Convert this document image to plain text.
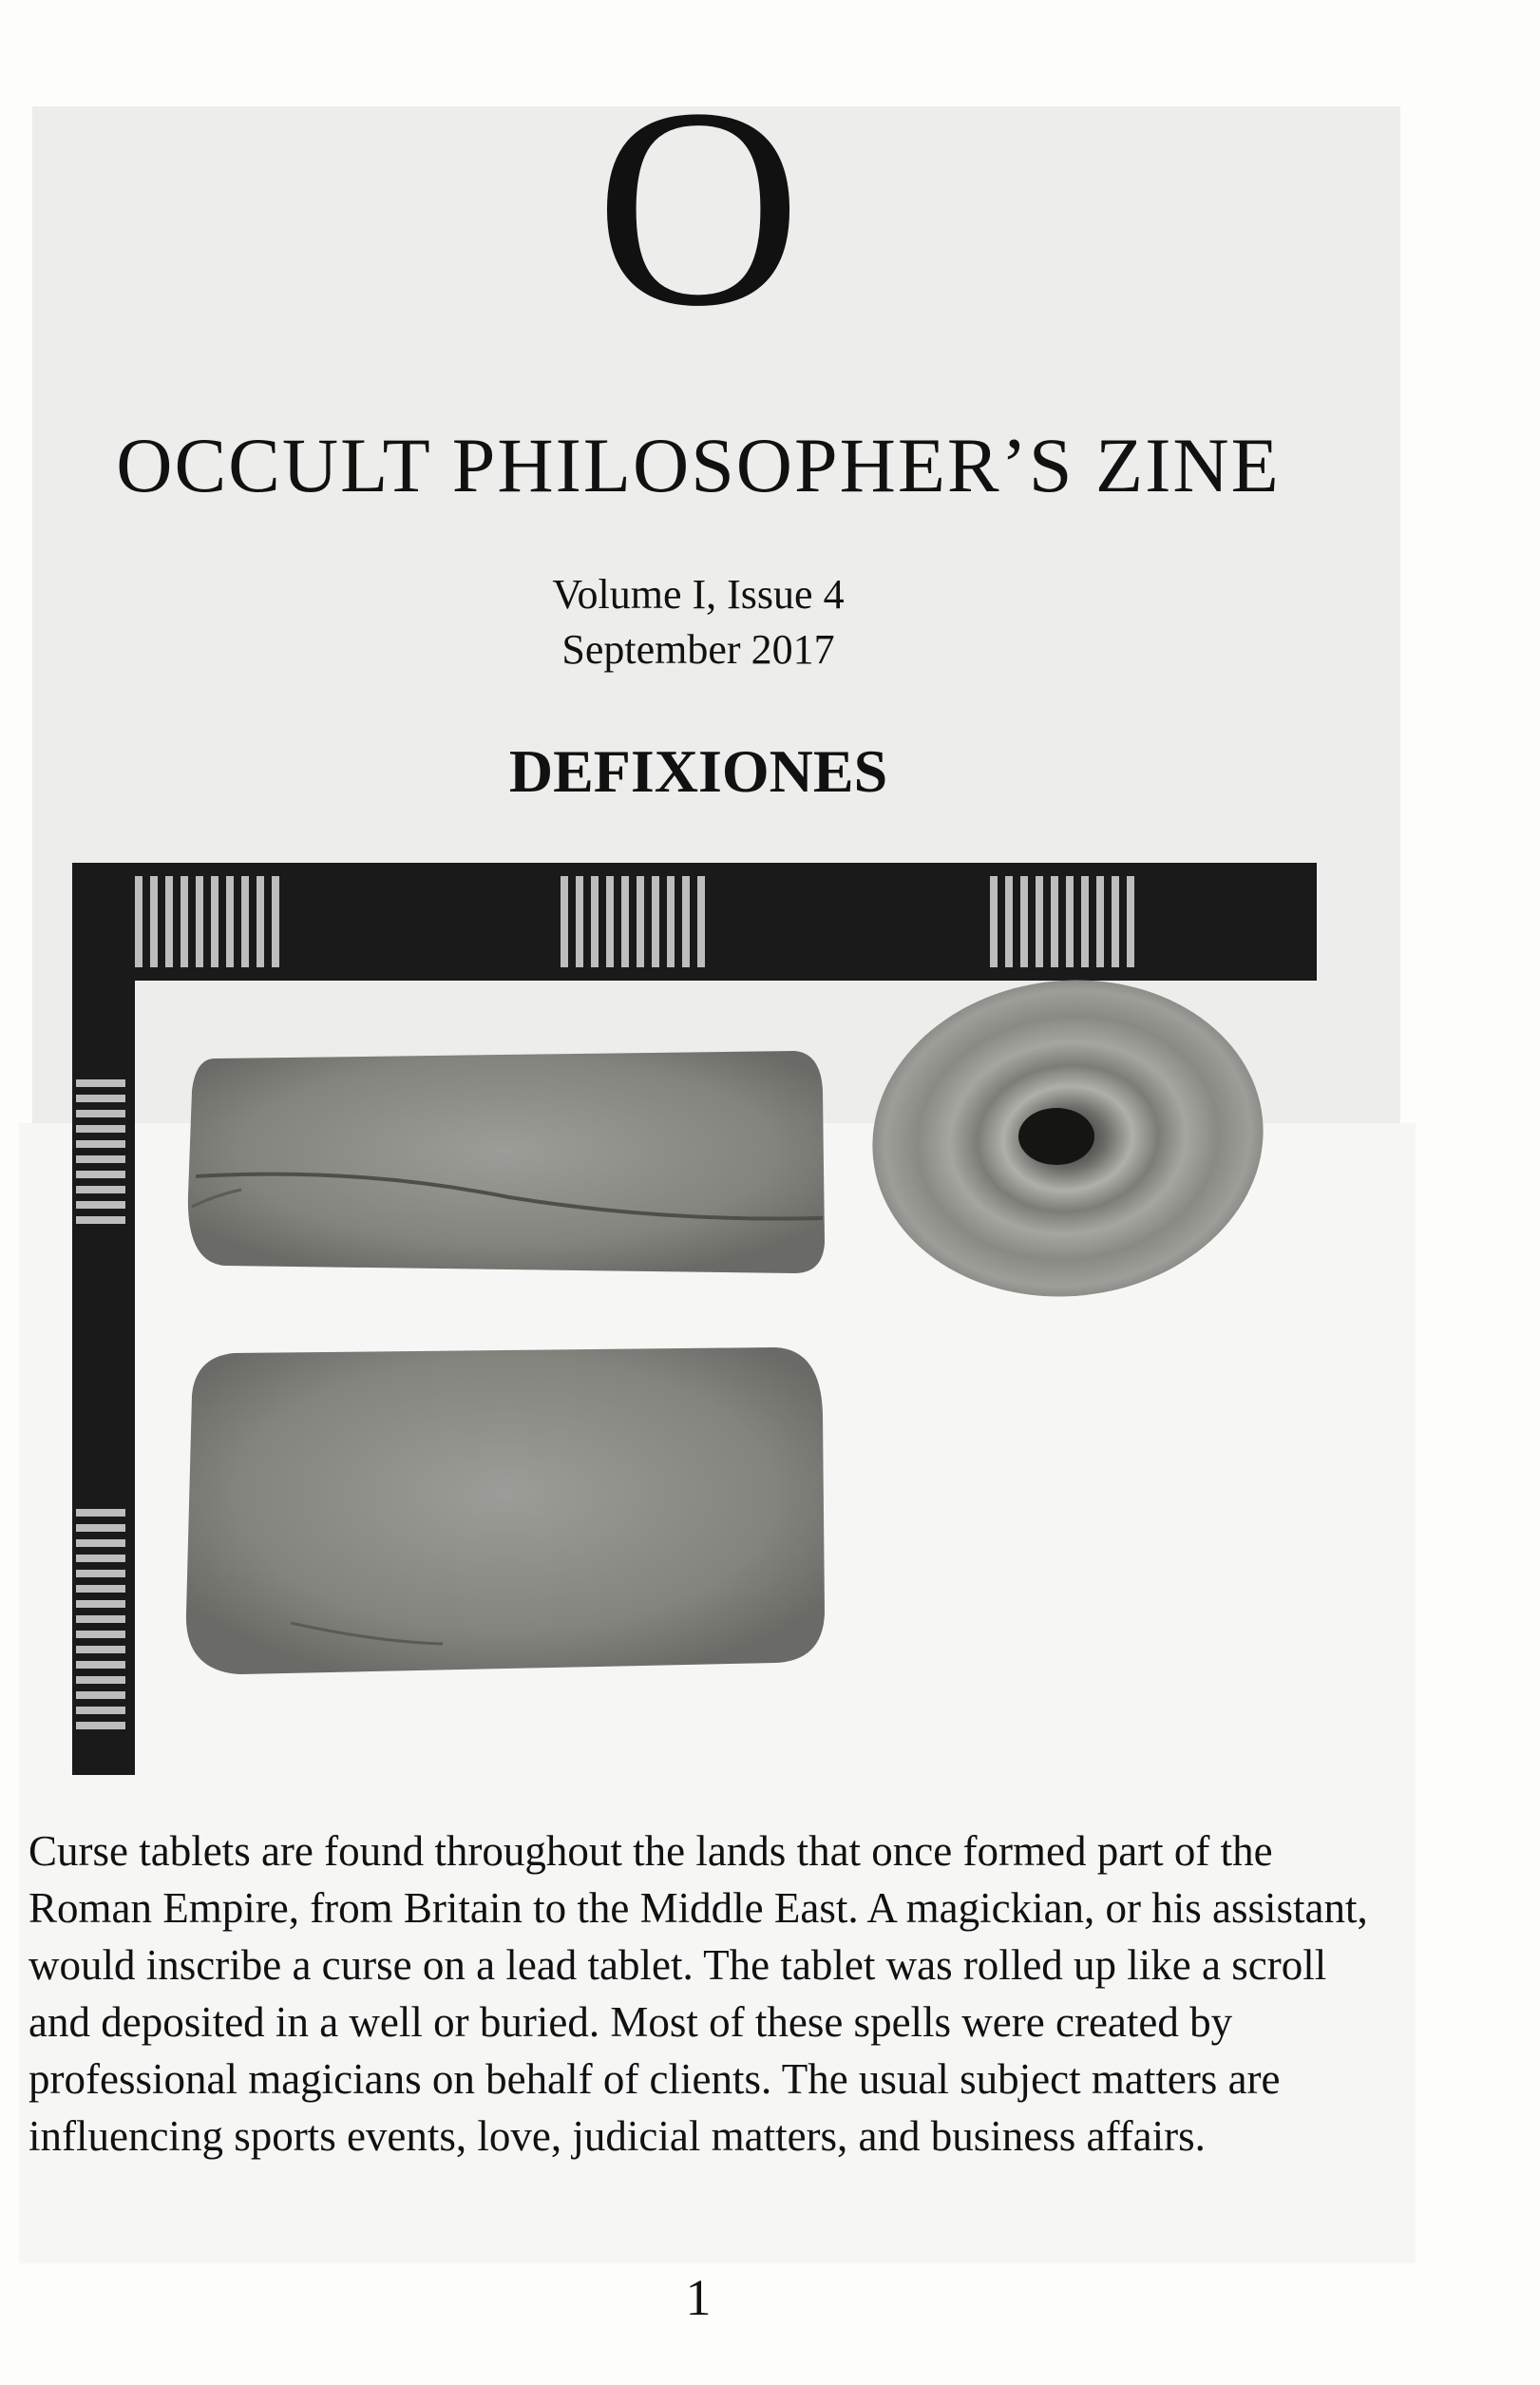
O
OCCULT PHILOSOPHER’S ZINE
Volume I, Issue 4
September 2017
DEFIXIONES

Curse tablets are found throughout the lands that once formed part of the Roman Empire, from Britain to the Middle East. A magickian, or his assistant, would inscribe a curse on a lead tablet. The tablet was rolled up like a scroll and deposited in a well or buried. Most of these spells were created by professional magicians on behalf of clients. The usual subject matters are influencing sports events, love, judicial matters, and business affairs.

1
